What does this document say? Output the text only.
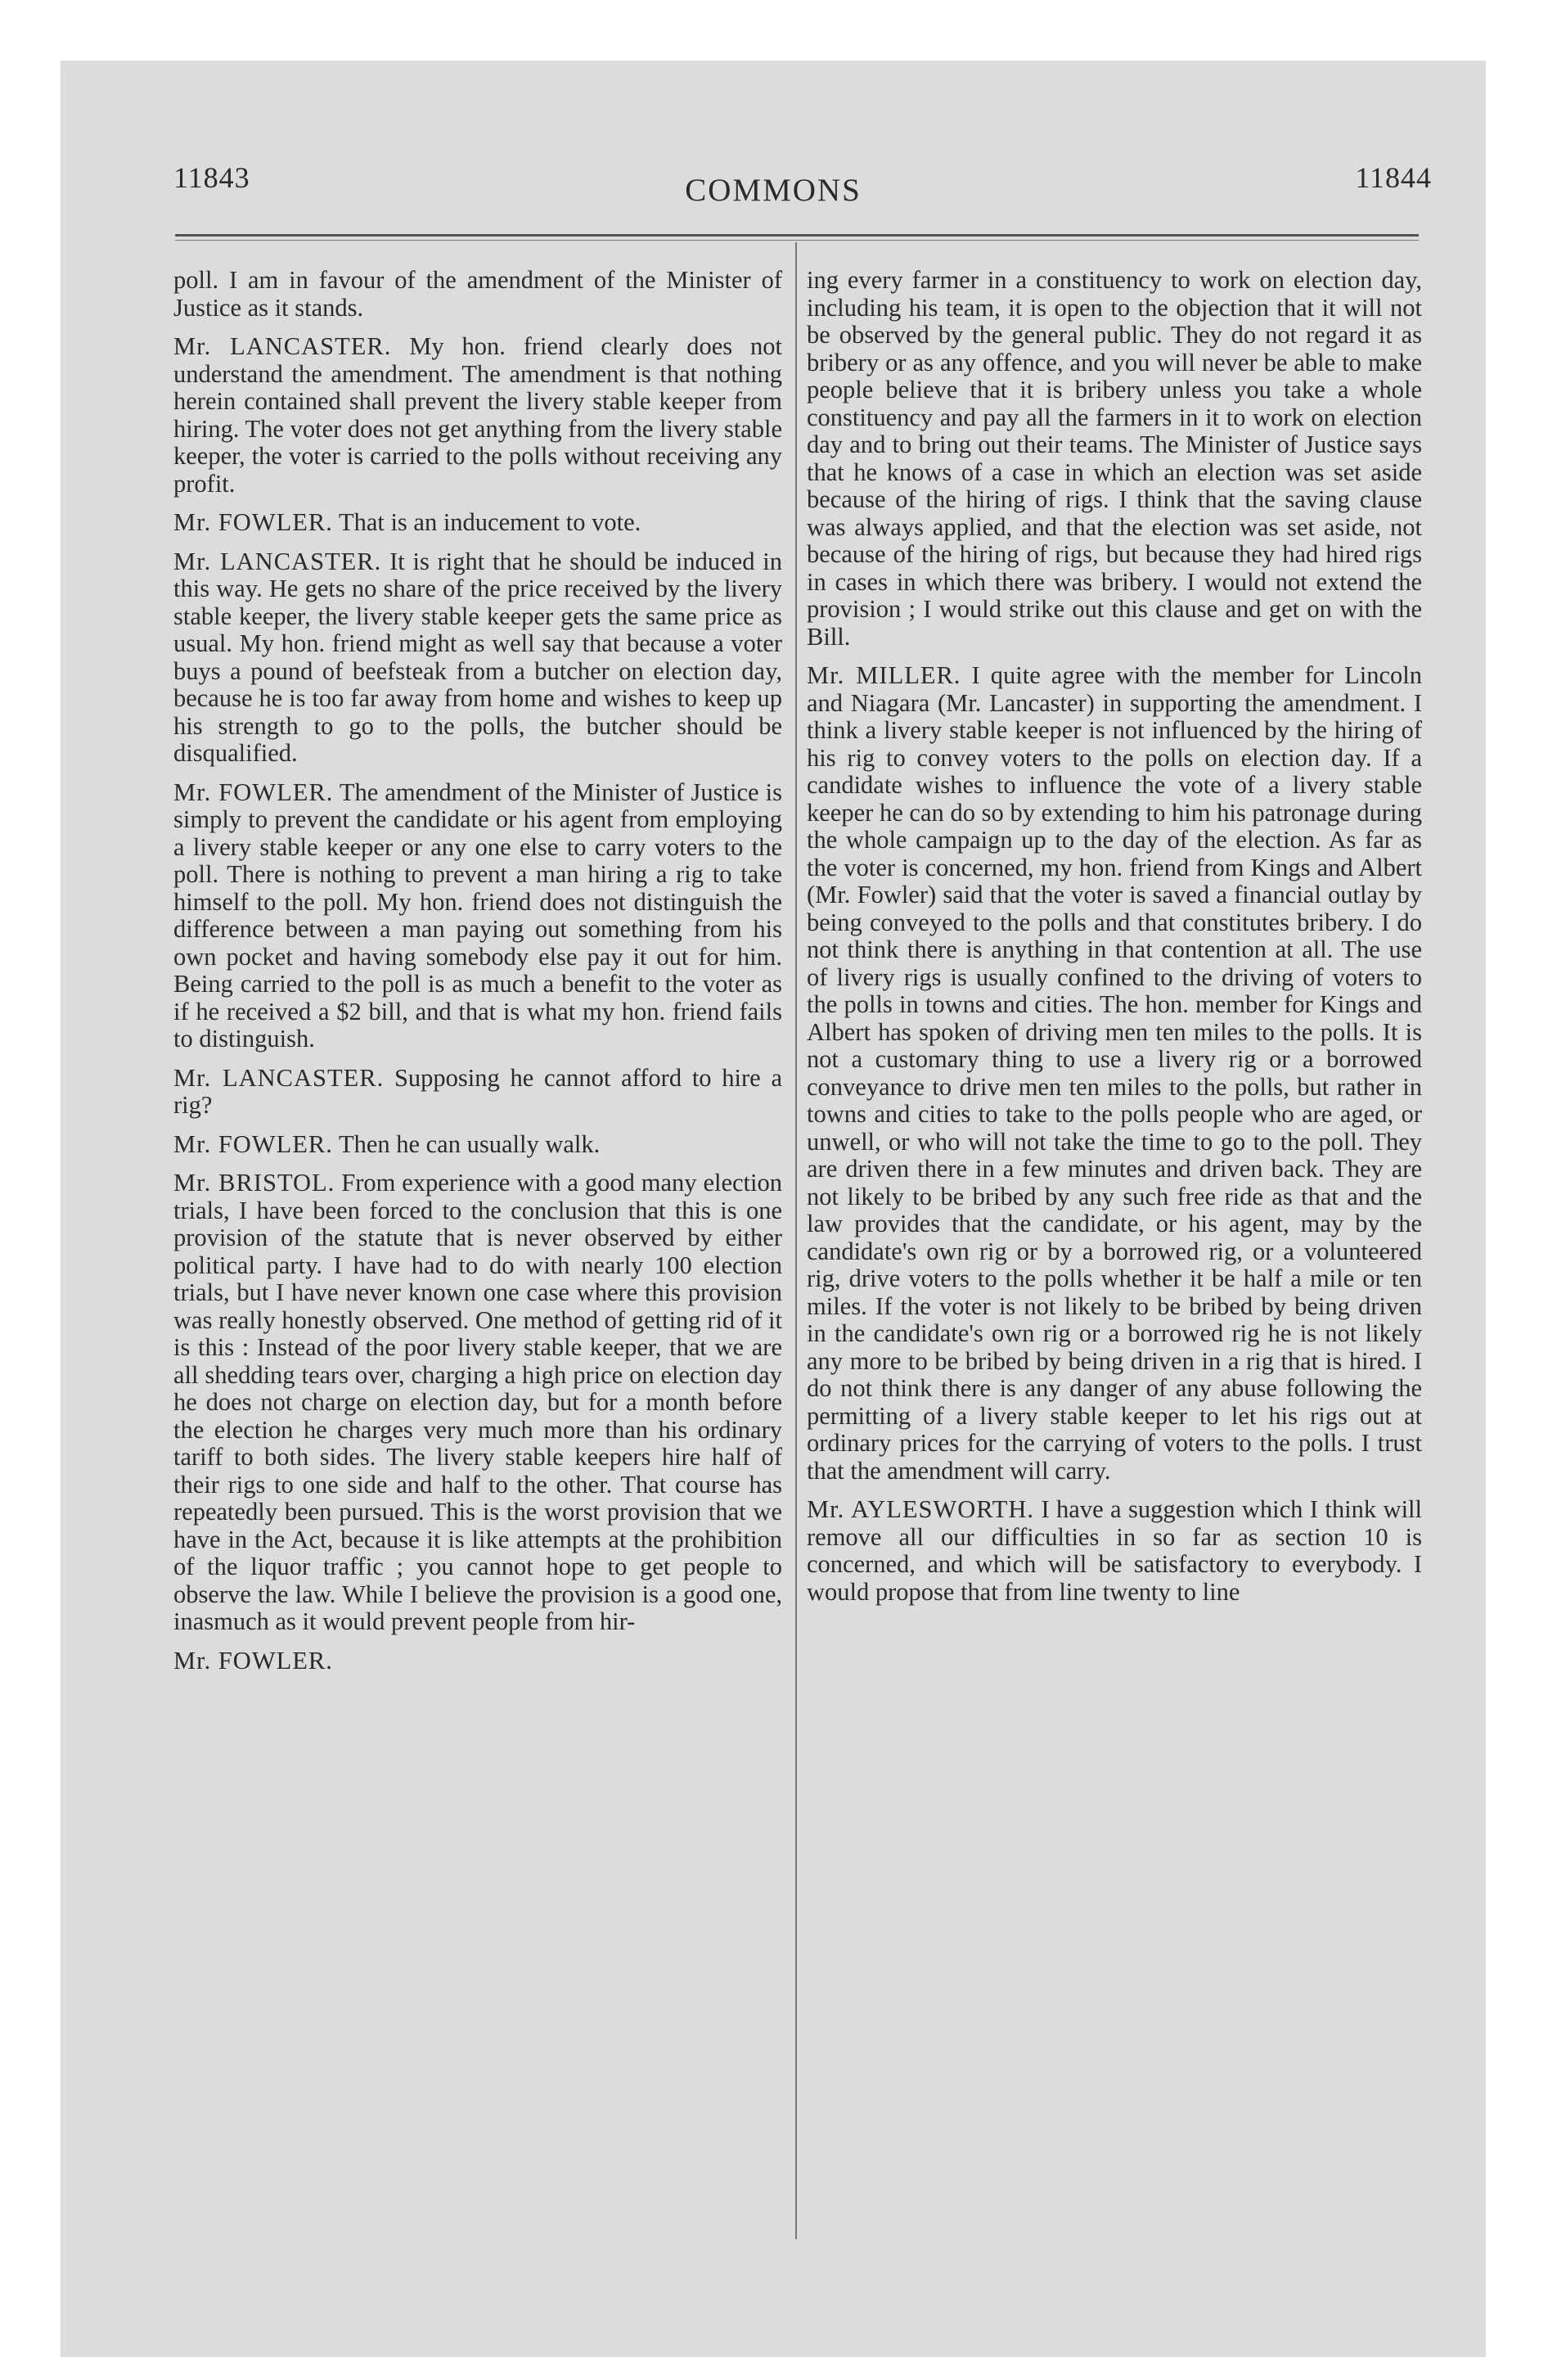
11843	COMMONS	11844

poll. I am in favour of the amendment of the Minister of Justice as it stands.

Mr. LANCASTER. My hon. friend clearly does not understand the amendment. The amendment is that nothing herein contained shall prevent the livery stable keeper from hiring. The voter does not get anything from the livery stable keeper, the voter is carried to the polls without receiving any profit.

Mr. FOWLER. That is an inducement to vote.

Mr. LANCASTER. It is right that he should be induced in this way. He gets no share of the price received by the livery stable keeper, the livery stable keeper gets the same price as usual. My hon. friend might as well say that because a voter buys a pound of beefsteak from a butcher on election day, because he is too far away from home and wishes to keep up his strength to go to the polls, the butcher should be disqualified.

Mr. FOWLER. The amendment of the Minister of Justice is simply to prevent the candidate or his agent from employing a livery stable keeper or any one else to carry voters to the poll. There is nothing to prevent a man hiring a rig to take himself to the poll. My hon. friend does not distinguish the difference between a man paying out something from his own pocket and having somebody else pay it out for him. Being carried to the poll is as much a benefit to the voter as if he received a $2 bill, and that is what my hon. friend fails to distinguish.

Mr. LANCASTER. Supposing he cannot afford to hire a rig?

Mr. FOWLER. Then he can usually walk.

Mr. BRISTOL. From experience with a good many election trials, I have been forced to the conclusion that this is one provision of the statute that is never observed by either political party. I have had to do with nearly 100 election trials, but I have never known one case where this provision was really honestly observed. One method of getting rid of it is this : Instead of the poor livery stable keeper, that we are all shedding tears over, charging a high price on election day he does not charge on election day, but for a month before the election he charges very much more than his ordinary tariff to both sides. The livery stable keepers hire half of their rigs to one side and half to the other. That course has repeatedly been pursued. This is the worst provision that we have in the Act, because it is like attempts at the prohibition of the liquor traffic ; you cannot hope to get people to observe the law. While I believe the provision is a good one, inasmuch as it would prevent people from hir-

Mr. FOWLER.

ing every farmer in a constituency to work on election day, including his team, it is open to the objection that it will not be observed by the general public. They do not regard it as bribery or as any offence, and you will never be able to make people believe that it is bribery unless you take a whole constituency and pay all the farmers in it to work on election day and to bring out their teams. The Minister of Justice says that he knows of a case in which an election was set aside because of the hiring of rigs. I think that the saving clause was always applied, and that the election was set aside, not because of the hiring of rigs, but because they had hired rigs in cases in which there was bribery. I would not extend the provision ; I would strike out this clause and get on with the Bill.

Mr. MILLER. I quite agree with the member for Lincoln and Niagara (Mr. Lancaster) in supporting the amendment. I think a livery stable keeper is not influenced by the hiring of his rig to convey voters to the polls on election day. If a candidate wishes to influence the vote of a livery stable keeper he can do so by extending to him his patronage during the whole campaign up to the day of the election. As far as the voter is concerned, my hon. friend from Kings and Albert (Mr. Fowler) said that the voter is saved a financial outlay by being conveyed to the polls and that constitutes bribery. I do not think there is anything in that contention at all. The use of livery rigs is usually confined to the driving of voters to the polls in towns and cities. The hon. member for Kings and Albert has spoken of driving men ten miles to the polls. It is not a customary thing to use a livery rig or a borrowed conveyance to drive men ten miles to the polls, but rather in towns and cities to take to the polls people who are aged, or unwell, or who will not take the time to go to the poll. They are driven there in a few minutes and driven back. They are not likely to be bribed by any such free ride as that and the law provides that the candidate, or his agent, may by the candidate's own rig or by a borrowed rig, or a volunteered rig, drive voters to the polls whether it be half a mile or ten miles. If the voter is not likely to be bribed by being driven in the candidate's own rig or a borrowed rig he is not likely any more to be bribed by being driven in a rig that is hired. I do not think there is any danger of any abuse following the permitting of a livery stable keeper to let his rigs out at ordinary prices for the carrying of voters to the polls. I trust that the amendment will carry.

Mr. AYLESWORTH. I have a suggestion which I think will remove all our difficulties in so far as section 10 is concerned, and which will be satisfactory to everybody. I would propose that from line twenty to line
